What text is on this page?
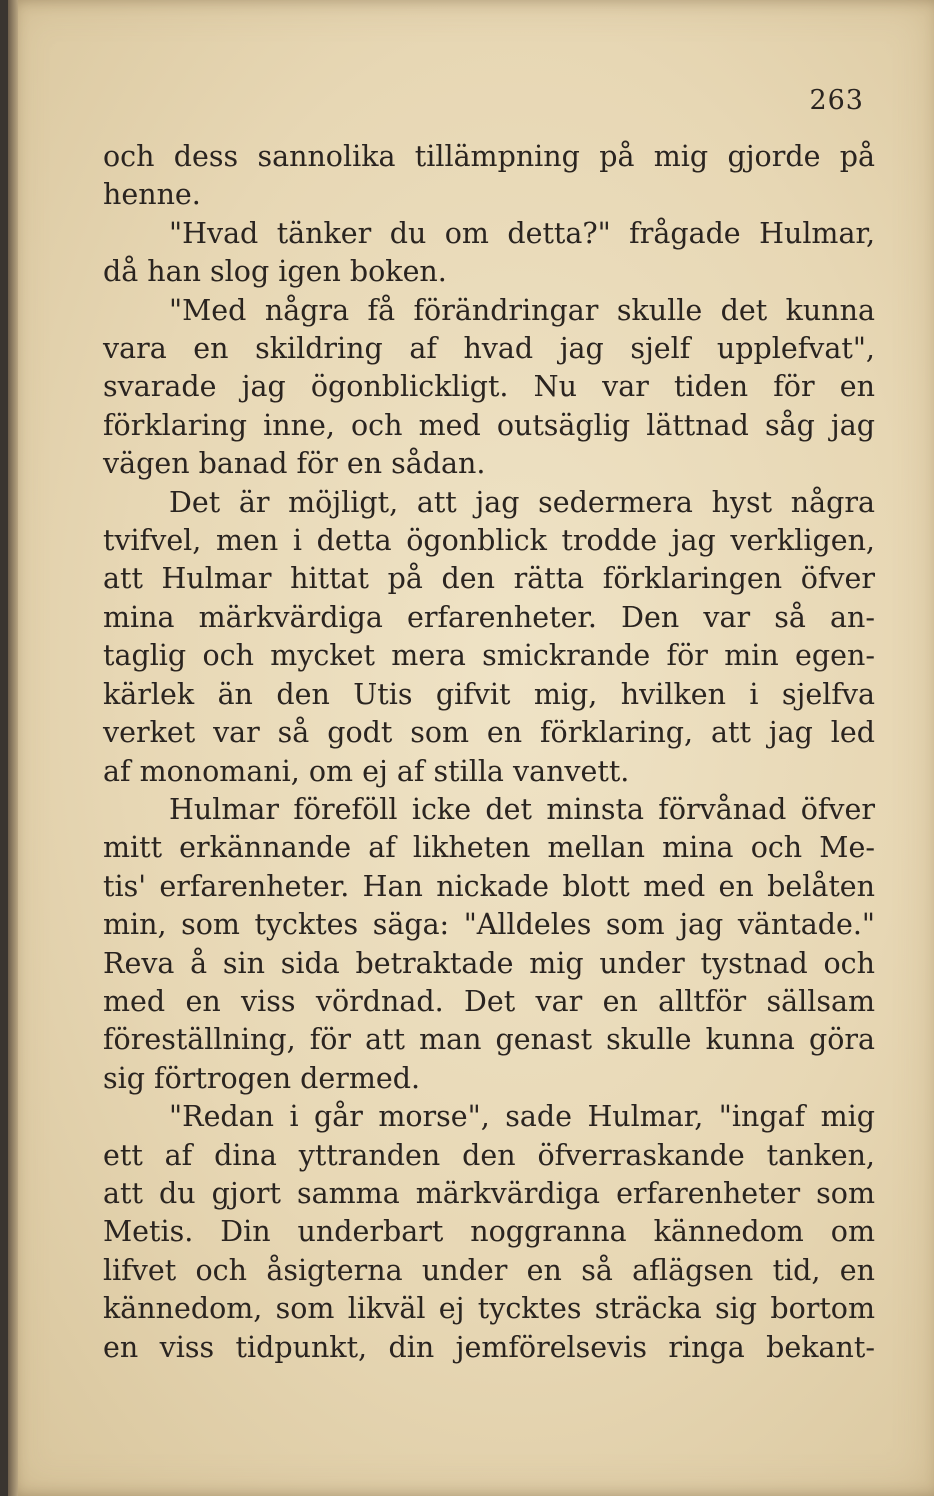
263
och dess sannolika tillämpning på mig gjorde på
henne.
"Hvad tänker du om detta?" frågade Hulmar,
då han slog igen boken.
"Med några få förändringar skulle det kunna
vara en skildring af hvad jag sjelf upplefvat",
svarade jag ögonblickligt. Nu var tiden för en
förklaring inne, och med outsäglig lättnad såg jag
vägen banad för en sådan.
Det är möjligt, att jag sedermera hyst några
tvifvel, men i detta ögonblick trodde jag verkligen,
att Hulmar hittat på den rätta förklaringen öfver
mina märkvärdiga erfarenheter. Den var så an-
taglig och mycket mera smickrande för min egen-
kärlek än den Utis gifvit mig, hvilken i sjelfva
verket var så godt som en förklaring, att jag led
af monomani, om ej af stilla vanvett.
Hulmar föreföll icke det minsta förvånad öfver
mitt erkännande af likheten mellan mina och Me-
tis' erfarenheter. Han nickade blott med en belåten
min, som tycktes säga: "Alldeles som jag väntade."
Reva å sin sida betraktade mig under tystnad och
med en viss vördnad. Det var en alltför sällsam
föreställning, för att man genast skulle kunna göra
sig förtrogen dermed.
"Redan i går morse", sade Hulmar, "ingaf mig
ett af dina yttranden den öfverraskande tanken,
att du gjort samma märkvärdiga erfarenheter som
Metis. Din underbart noggranna kännedom om
lifvet och åsigterna under en så aflägsen tid, en
kännedom, som likväl ej tycktes sträcka sig bortom
en viss tidpunkt, din jemförelsevis ringa bekant-
